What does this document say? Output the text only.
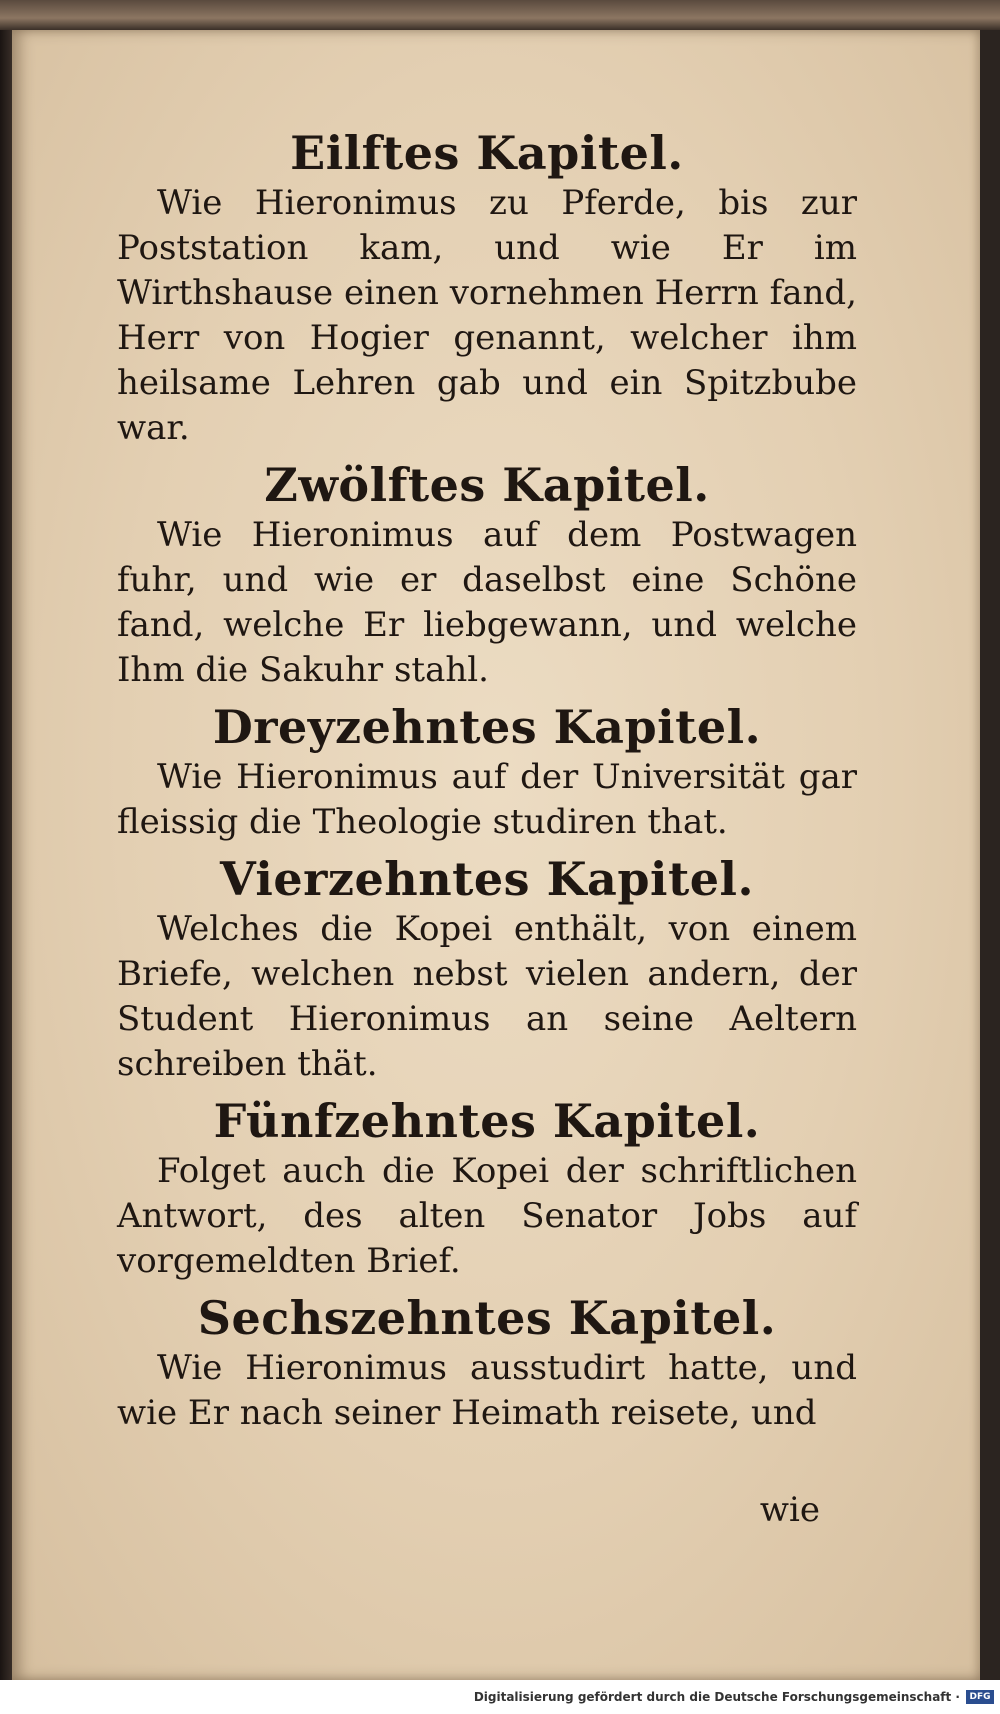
Eilftes Kapitel.

Wie Hieronimus zu Pferde, bis zur Poststation kam, und wie Er im Wirthshause einen vornehmen Herrn fand, Herr von Hogier genannt, welcher ihm heilsame Lehren gab und ein Spitzbube war.

Zwölftes Kapitel.

Wie Hieronimus auf dem Postwagen fuhr, und wie er daselbst eine Schöne fand, welche Er liebgewann, und welche Ihm die Sakuhr stahl.

Dreyzehntes Kapitel.

Wie Hieronimus auf der Universität gar fleissig die Theologie studiren that.

Vierzehntes Kapitel.

Welches die Kopei enthält, von einem Briefe, welchen nebst vielen andern, der Student Hieronimus an seine Aeltern schreiben thät.

Fünfzehntes Kapitel.

Folget auch die Kopei der schriftlichen Antwort, des alten Senator Jobs auf vorgemeldten Brief.

Sechszehntes Kapitel.

Wie Hieronimus ausstudirt hatte, und wie Er nach seiner Heimath reisete, und

wie
Digitalisierung gefördert durch die Deutsche Forschungsgemeinschaft ·	DFG
